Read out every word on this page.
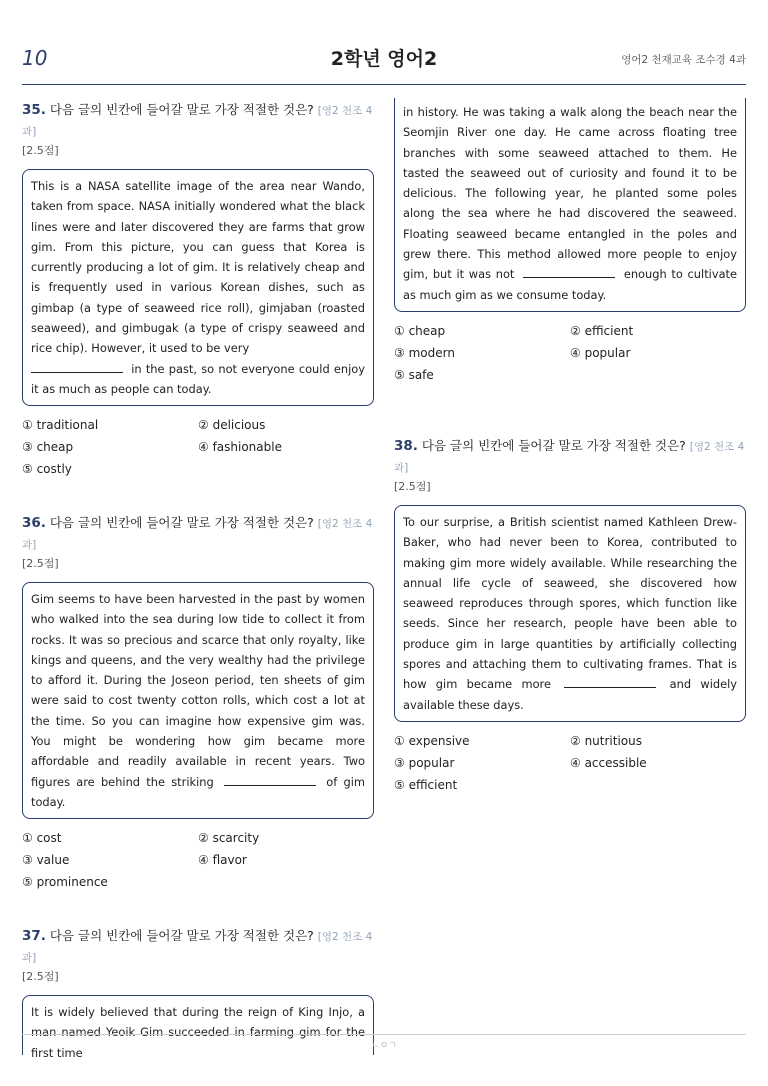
10	2학년 영어2	영어2 천재교육 조수경 4과
35. 다음 글의 빈칸에 들어갈 말로 가장 적절한 것은? [영2 천조 4과]
[2.5점]
This is a NASA satellite image of the area near Wando, taken from space. NASA initially wondered what the black lines were and later discovered they are farms that grow gim. From this picture, you can guess that Korea is currently producing a lot of gim. It is relatively cheap and is frequently used in various Korean dishes, such as gimbap (a type of seaweed rice roll), gimjaban (roasted seaweed), and gimbugak (a type of crispy seaweed and rice chip). However, it used to be very
in the past, so not everyone could enjoy it as much as people can today.
① traditional	② delicious
③ cheap	④ fashionable
⑤ costly
36. 다음 글의 빈칸에 들어갈 말로 가장 적절한 것은? [영2 천조 4과]
[2.5점]
Gim seems to have been harvested in the past by women who walked into the sea during low tide to collect it from rocks. It was so precious and scarce that only royalty, like kings and queens, and the very wealthy had the privilege to afford it. During the Joseon period, ten sheets of gim were said to cost twenty cotton rolls, which cost a lot at the time. So you can imagine how expensive gim was. You might be wondering how gim became more affordable and readily available in recent years. Two figures are behind the striking	of gim today.
① cost	② scarcity
③ value	④ flavor
⑤ prominence
37. 다음 글의 빈칸에 들어갈 말로 가장 적절한 것은? [영2 천조 4과]
[2.5점]
It is widely believed that during the reign of King Injo, a man named Yeoik Gim succeeded in farming gim for the first time
in history. He was taking a walk along the beach near the Seomjin River one day. He came across floating tree branches with some seaweed attached to them. He tasted the seaweed out of curiosity and found it to be delicious. The following year, he planted some poles along the sea where he had discovered the seaweed. Floating seaweed became entangled in the poles and grew there. This method allowed more people to enjoy gim, but it was not	enough to cultivate as much gim as we consume today.
① cheap	② efficient
③ modern	④ popular
⑤ safe
38. 다음 글의 빈칸에 들어갈 말로 가장 적절한 것은? [영2 천조 4과]
[2.5점]
To our surprise, a British scientist named Kathleen Drew-Baker, who had never been to Korea, contributed to making gim more widely available. While researching the annual life cycle of seaweed, she discovered how seaweed reproduces through spores, which function like seeds. Since her research, people have been able to produce gim in large quantities by artificially collecting spores and attaching them to cultivating frames. That is how gim became more	and widely available these days.
① expensive	② nutritious
③ popular	④ accessible
⑤ efficient
ㄴㅇㄱ
